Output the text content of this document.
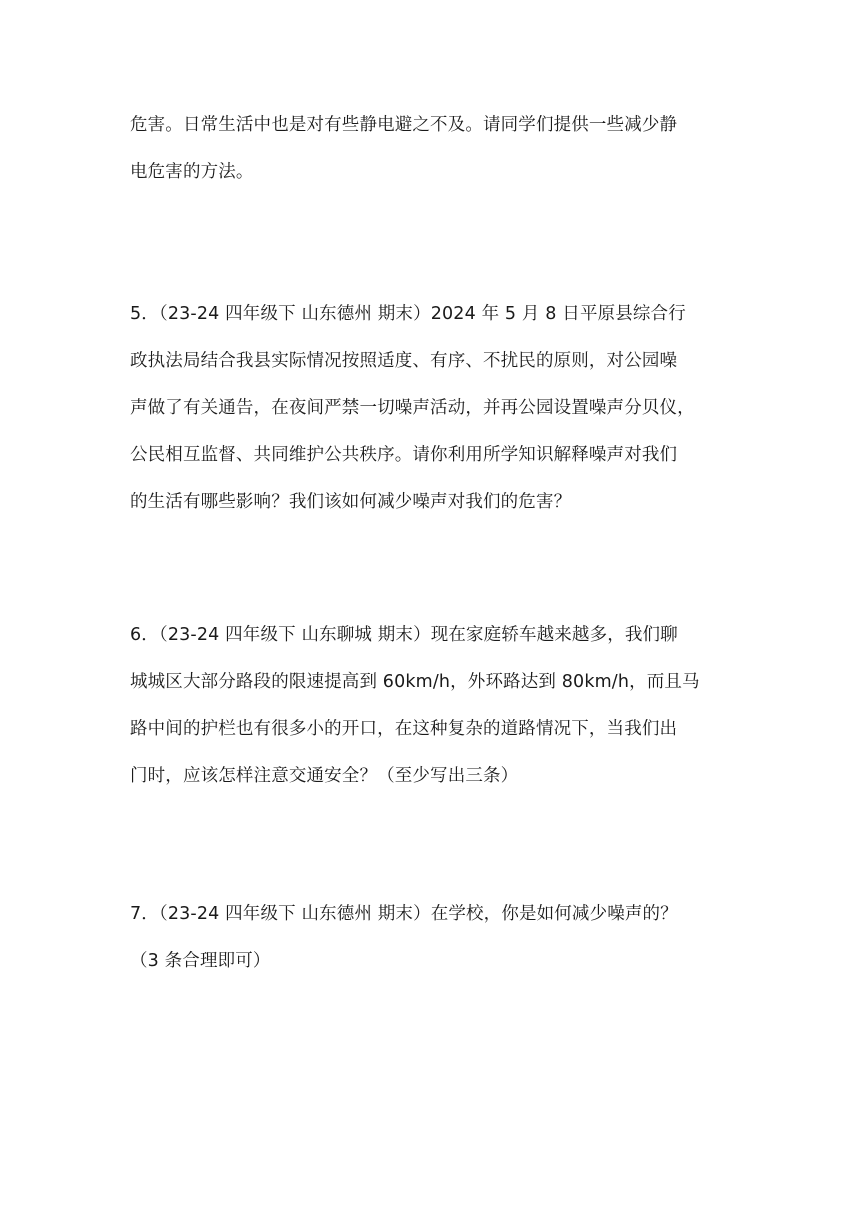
危害。日常生活中也是对有些静电避之不及。请同学们提供一些减少静
电危害的方法。
5．（23-24 四年级下 山东德州 期末）2024 年 5 月 8 日平原县综合行
政执法局结合我县实际情况按照适度、有序、不扰民的原则，对公园噪
声做了有关通告，在夜间严禁一切噪声活动，并再公园设置噪声分贝仪，
公民相互监督、共同维护公共秩序。请你利用所学知识解释噪声对我们
的生活有哪些影响？我们该如何减少噪声对我们的危害？
6．（23-24 四年级下 山东聊城 期末）现在家庭轿车越来越多，我们聊
城城区大部分路段的限速提高到 60km/h，外环路达到 80km/h，而且马
路中间的护栏也有很多小的开口，在这种复杂的道路情况下，当我们出
门时，应该怎样注意交通安全？（至少写出三条）
7．（23-24 四年级下 山东德州 期末）在学校，你是如何减少噪声的？
（3 条合理即可）
